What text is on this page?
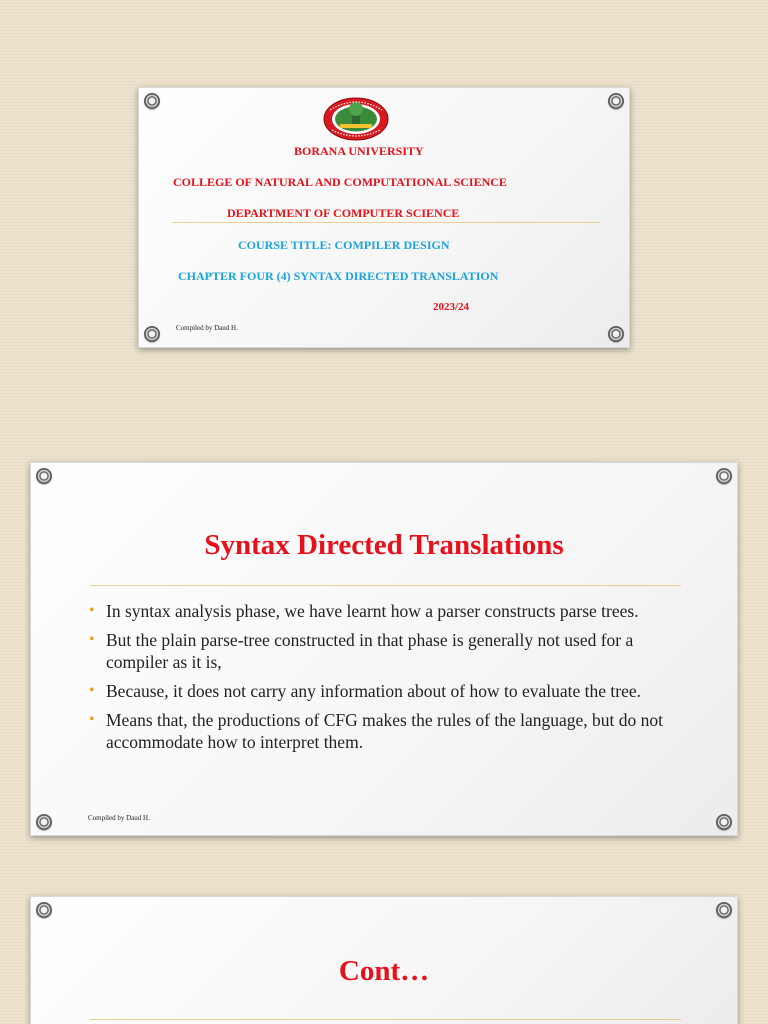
BORANA UNIVERSITY
COLLEGE OF NATURAL AND COMPUTATIONAL SCIENCE
DEPARTMENT OF COMPUTER SCIENCE
COURSE TITLE: COMPILER DESIGN
CHAPTER FOUR (4) SYNTAX DIRECTED TRANSLATION
2023/24
Compiled by Daud H.
Syntax Directed Translations
• In syntax analysis phase, we have learnt how a parser constructs parse trees.
• But the plain parse-tree constructed in that phase is generally not used for a compiler as it is,
• Because, it does not carry any information about of how to evaluate the tree.
• Means that, the productions of CFG makes the rules of the language, but do not accommodate how to interpret them.
Compiled by Daud H.
Cont…
